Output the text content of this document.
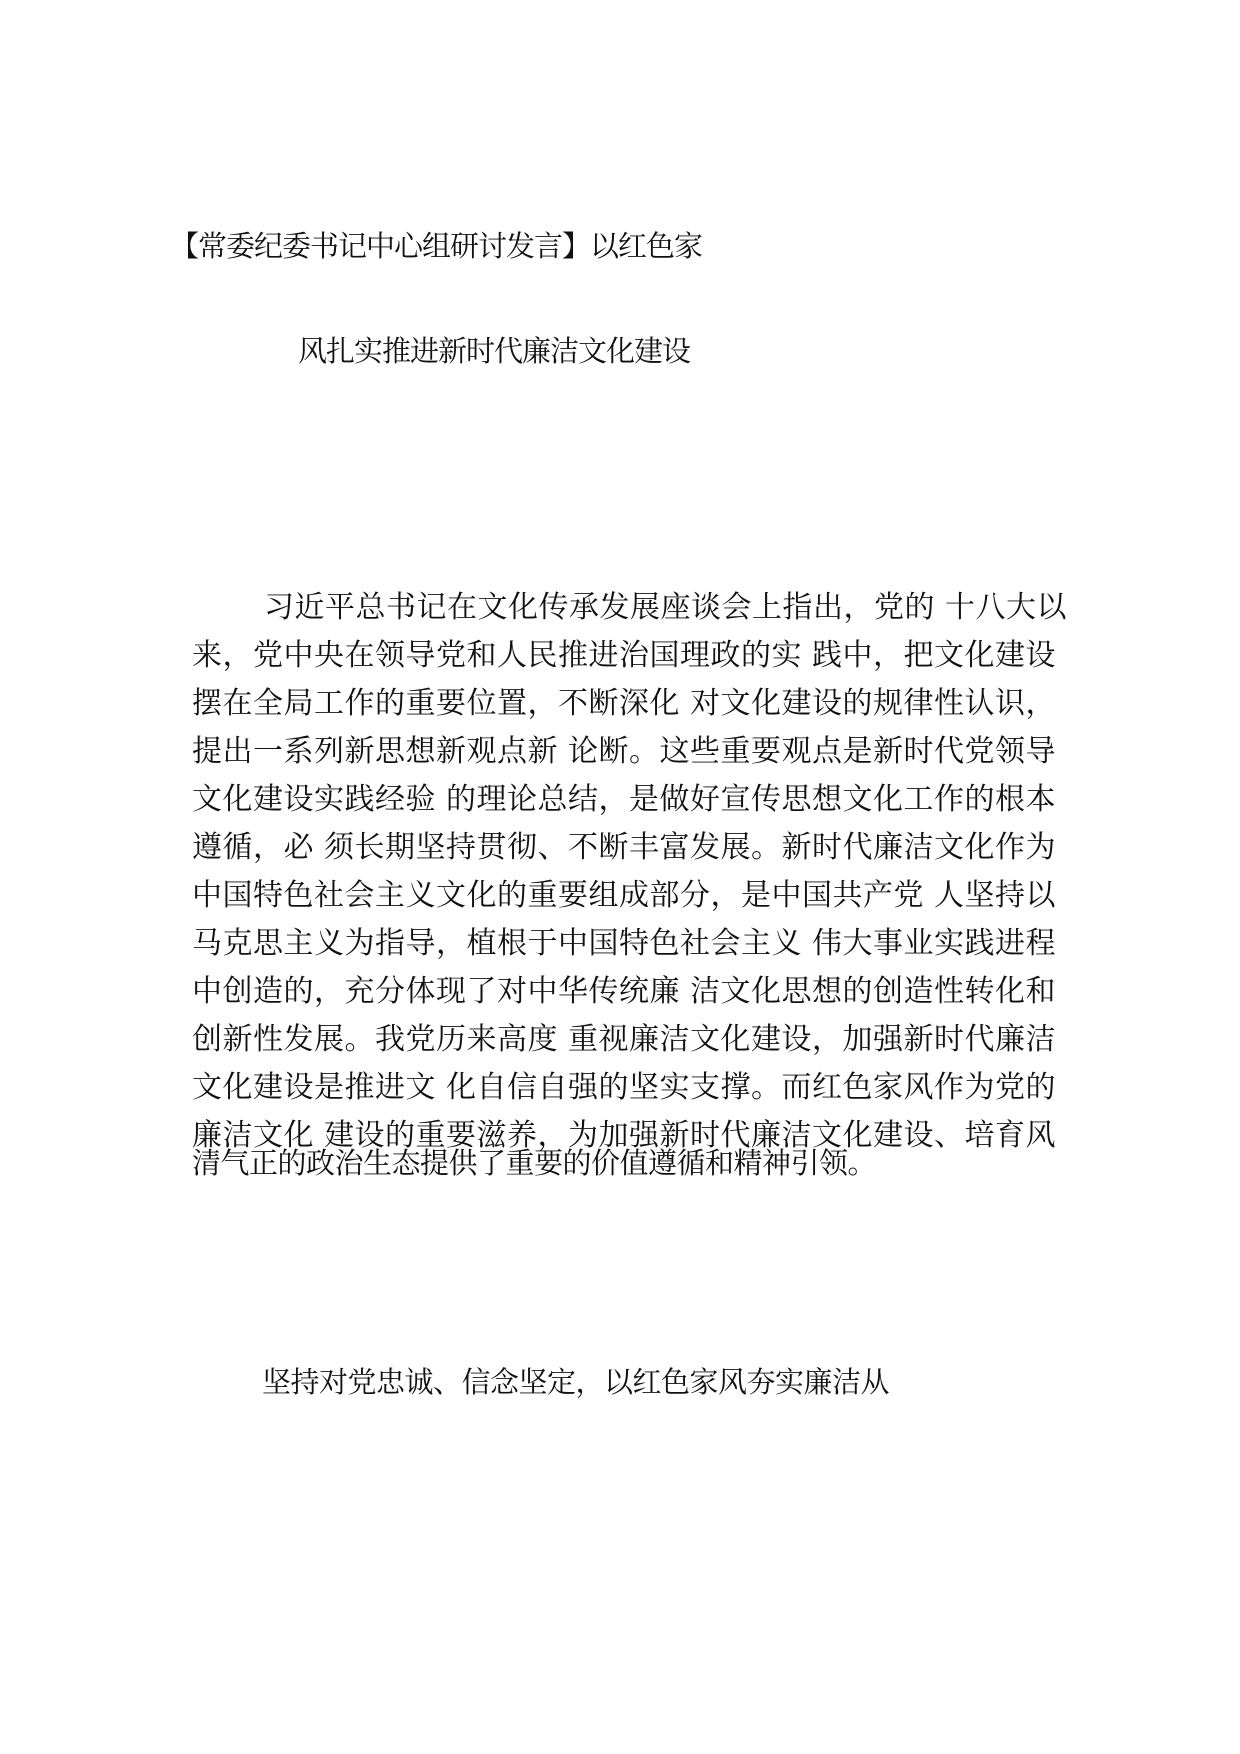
【常委纪委书记中心组研讨发言】以红色家
风扎实推进新时代廉洁文化建设
习近平总书记在文化传承发展座谈会上指出，党的 十八大以
来，党中央在领导党和人民推进治国理政的实 践中，把文化建设
摆在全局工作的重要位置，不断深化 对文化建设的规律性认识，
提出一系列新思想新观点新 论断。这些重要观点是新时代党领导
文化建设实践经验 的理论总结，是做好宣传思想文化工作的根本
遵循，必 须长期坚持贯彻、不断丰富发展。新时代廉洁文化作为
中国特色社会主义文化的重要组成部分，是中国共产党 人坚持以
马克思主义为指导，植根于中国特色社会主义 伟大事业实践进程
中创造的，充分体现了对中华传统廉 洁文化思想的创造性转化和
创新性发展。我党历来高度 重视廉洁文化建设，加强新时代廉洁
文化建设是推进文 化自信自强的坚实支撑。而红色家风作为党的
廉洁文化 建设的重要滋养，为加强新时代廉洁文化建设、培育风
清气正的政治生态提供了重要的价值遵循和精神引领。
坚持对党忠诚、信念坚定，以红色家风夯实廉洁从
